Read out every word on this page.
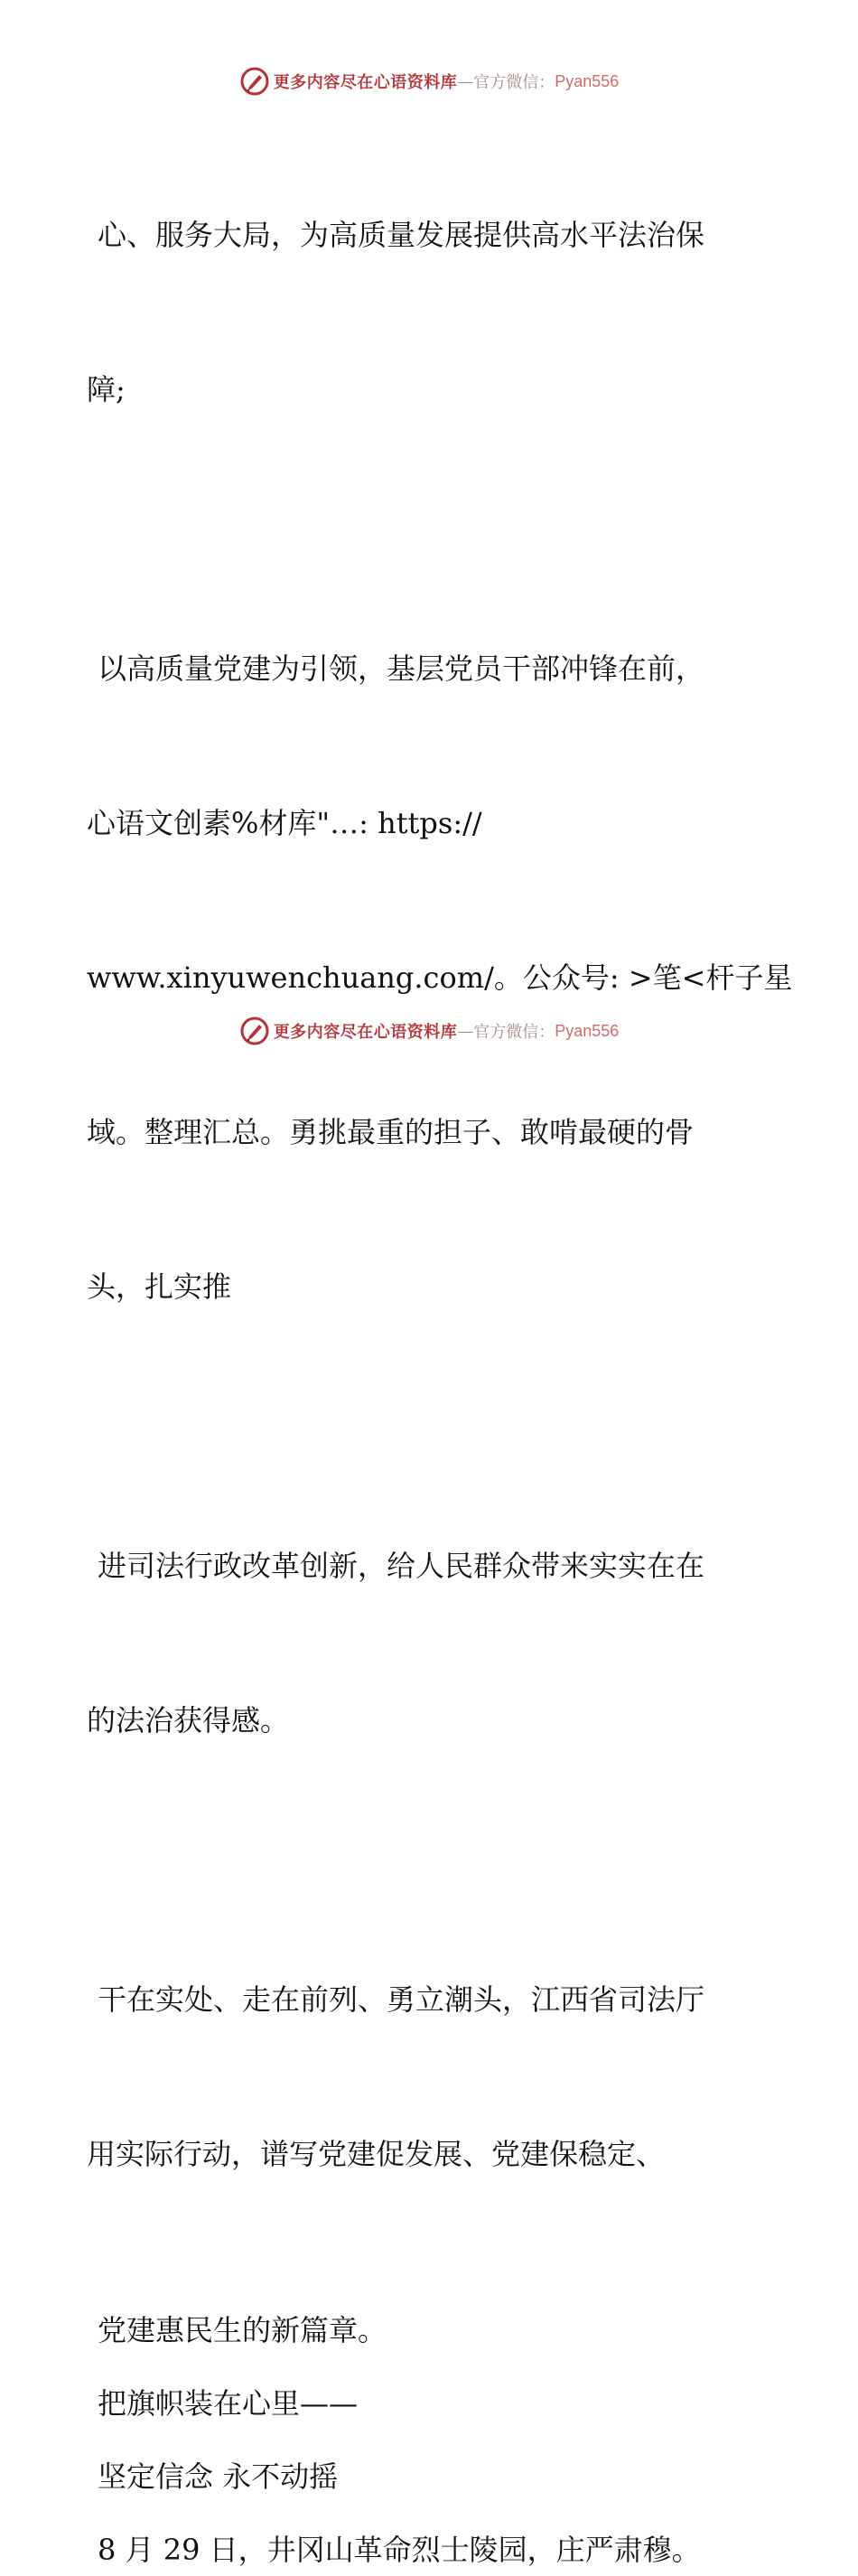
更多内容尽在心语资料库 — 官方微信： Pyan556

心、服务大局，为高质量发展提供高水平法治保

障;

以高质量党建为引领，基层党员干部冲锋在前，

心语文创素%材库"…: https://

www.xinyuwenchuang.com/。公众号: >笔<杆子星

域。整理汇总。勇挑最重的担子、敢啃最硬的骨

头，扎实推

进司法行政改革创新，给人民群众带来实实在在

的法治获得感。

干在实处、走在前列、勇立潮头，江西省司法厅

用实际行动，谱写党建促发展、党建保稳定、

党建惠民生的新篇章。

把旗帜装在心里——

坚定信念 永不动摇

8 月 29 日，井冈山革命烈士陵园，庄严肃穆。

更多内容尽在心语资料库 — 官方微信： Pyan556
